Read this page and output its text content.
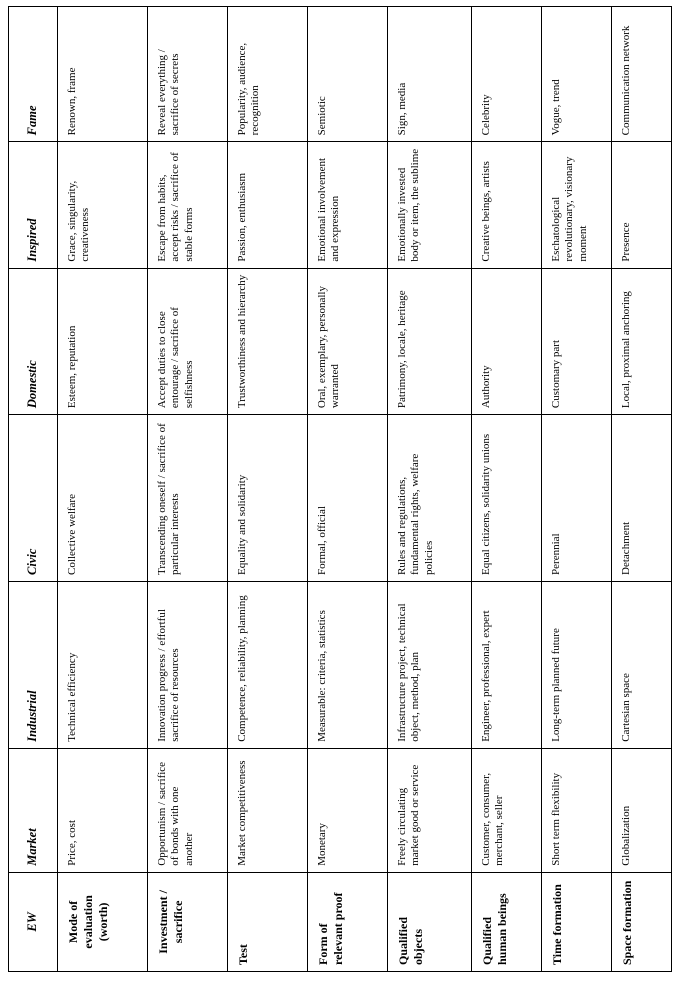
EW	Market	Industrial	Civic	Domestic	Inspired	Fame
Mode of evaluation (worth)	Price, cost	Technical efficiency	Collective welfare	Esteem, reputation	Grace, singularity, creativeness	Renown, frame
Investment / sacrifice	Opportunism / sacrifice of bonds with one another	Innovation progress / effortful sacrifice of resources	Transcending oneself / sacrifice of particular interests	Accept duties to close entourage / sacrifice of selfishness	Escape from habits, accept risks / sacrifice of stable forms	Reveal everything / sacrifice of secrets
Test	Market competitiveness	Competence, reliability, planning	Equality and solidarity	Trustworthiness and hierarchy	Passion, enthusiasm	Popularity, audience, recognition
Form of relevant proof	Monetary	Measurable: criteria, statistics	Formal, official	Oral, exemplary, personally warranted	Emotional involvement and expression	Semiotic
Qualified objects	Freely circulating market good or service	Infrastructure project, technical object, method, plan	Rules and regulations, fundamental rights, welfare policies	Patrimony, locale, heritage	Emotionally invested body or item, the sublime	Sign, media
Qualified human beings	Customer, consumer, merchant, seller	Engineer, professional, expert	Equal citizens, solidarity unions	Authority	Creative beings, artists	Celebrity
Time formation	Short term flexibility	Long-term planned future	Perennial	Customary part	Eschatological revolutionary, visionary moment	Vogue, trend
Space formation	Globalization	Cartesian space	Detachment	Local, proximal anchoring	Presence	Communication network
